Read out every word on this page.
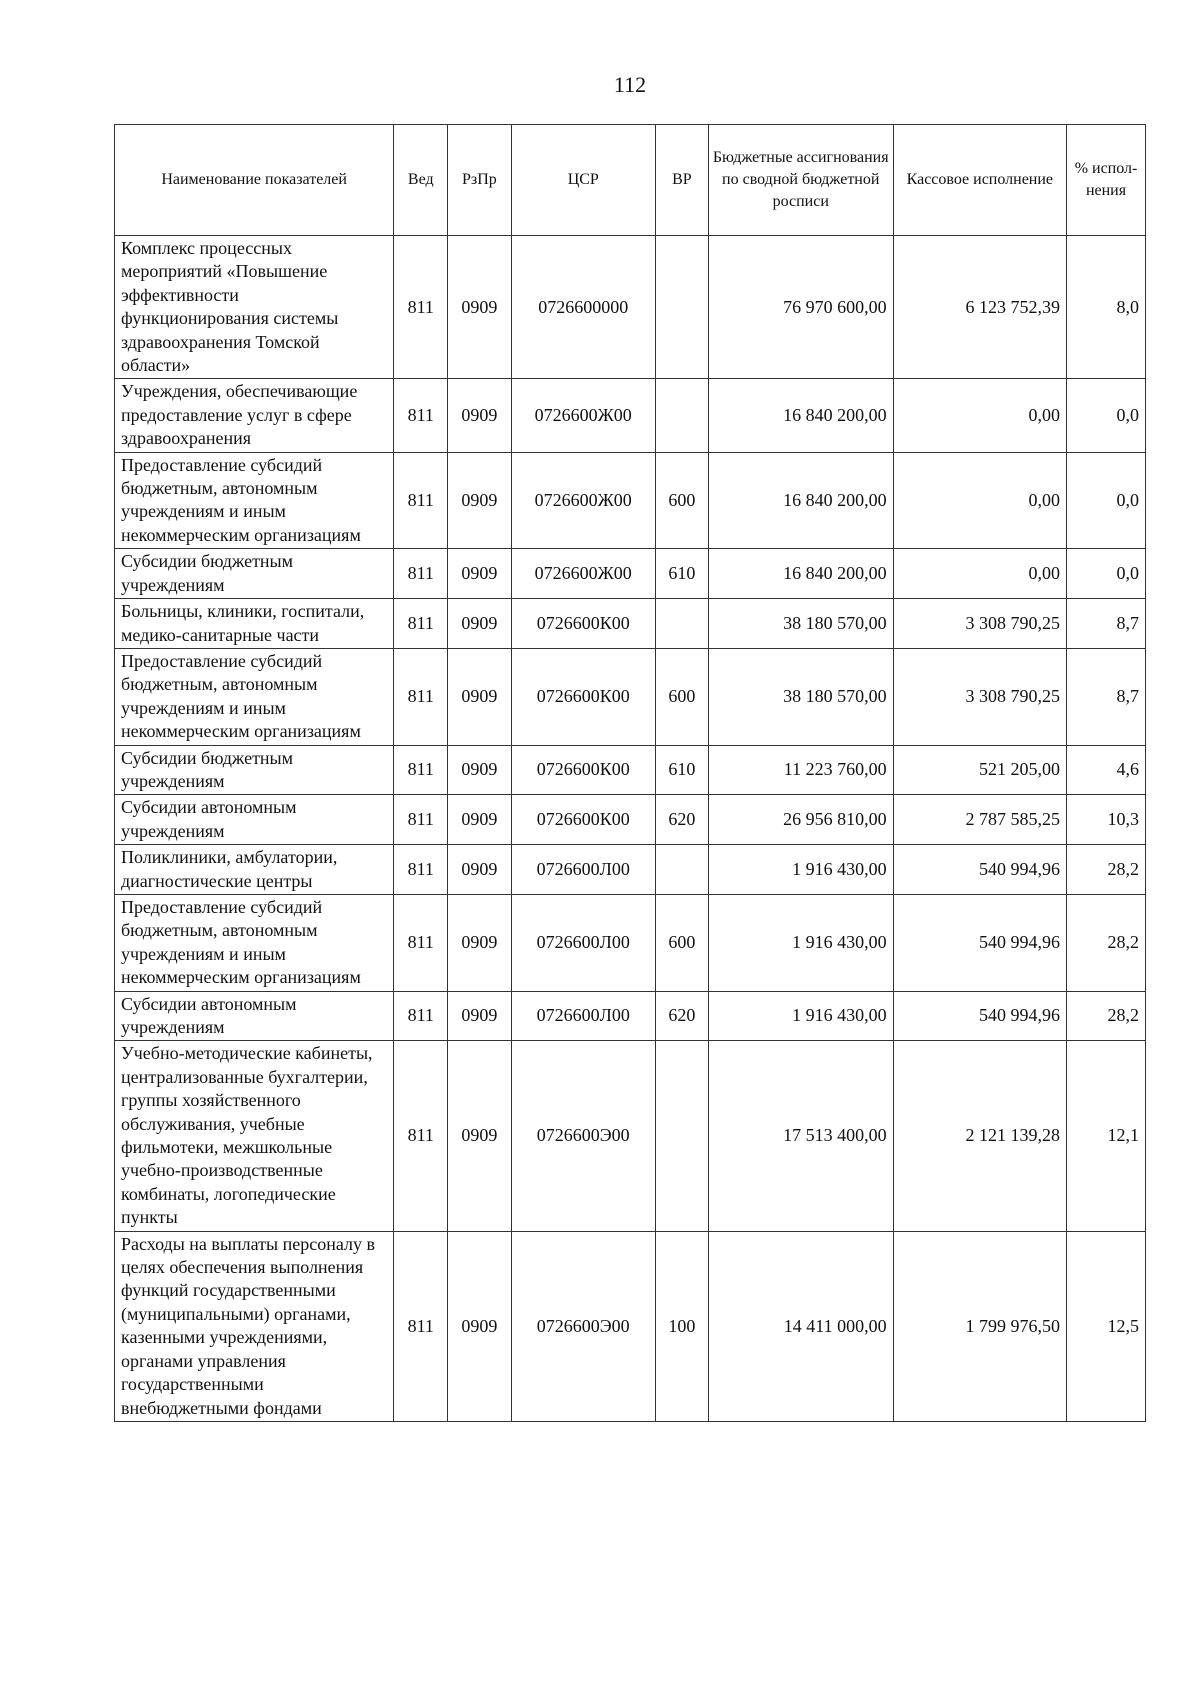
112
Наименование показателей	Вед	РзПр	ЦСР	ВР	Бюджетные ассигнования по сводной бюджетной росписи	Кассовое исполнение	% испол-нения
Комплекс процессных мероприятий «Повышение эффективности функционирования системы здравоохранения Томской области»	811	0909	0726600000		76 970 600,00	6 123 752,39	8,0
Учреждения, обеспечивающие предоставление услуг в сфере здравоохранения	811	0909	0726600Ж00		16 840 200,00	0,00	0,0
Предоставление субсидий бюджетным, автономным учреждениям и иным некоммерческим организациям	811	0909	0726600Ж00	600	16 840 200,00	0,00	0,0
Субсидии бюджетным учреждениям	811	0909	0726600Ж00	610	16 840 200,00	0,00	0,0
Больницы, клиники, госпитали, медико-санитарные части	811	0909	0726600К00		38 180 570,00	3 308 790,25	8,7
Предоставление субсидий бюджетным, автономным учреждениям и иным некоммерческим организациям	811	0909	0726600К00	600	38 180 570,00	3 308 790,25	8,7
Субсидии бюджетным учреждениям	811	0909	0726600К00	610	11 223 760,00	521 205,00	4,6
Субсидии автономным учреждениям	811	0909	0726600К00	620	26 956 810,00	2 787 585,25	10,3
Поликлиники, амбулатории, диагностические центры	811	0909	0726600Л00		1 916 430,00	540 994,96	28,2
Предоставление субсидий бюджетным, автономным учреждениям и иным некоммерческим организациям	811	0909	0726600Л00	600	1 916 430,00	540 994,96	28,2
Субсидии автономным учреждениям	811	0909	0726600Л00	620	1 916 430,00	540 994,96	28,2
Учебно-методические кабинеты, централизованные бухгалтерии, группы хозяйственного обслуживания, учебные фильмотеки, межшкольные учебно-производственные комбинаты, логопедические пункты	811	0909	0726600Э00		17 513 400,00	2 121 139,28	12,1
Расходы на выплаты персоналу в целях обеспечения выполнения функций государственными (муниципальными) органами, казенными учреждениями, органами управления государственными внебюджетными фондами	811	0909	0726600Э00	100	14 411 000,00	1 799 976,50	12,5
